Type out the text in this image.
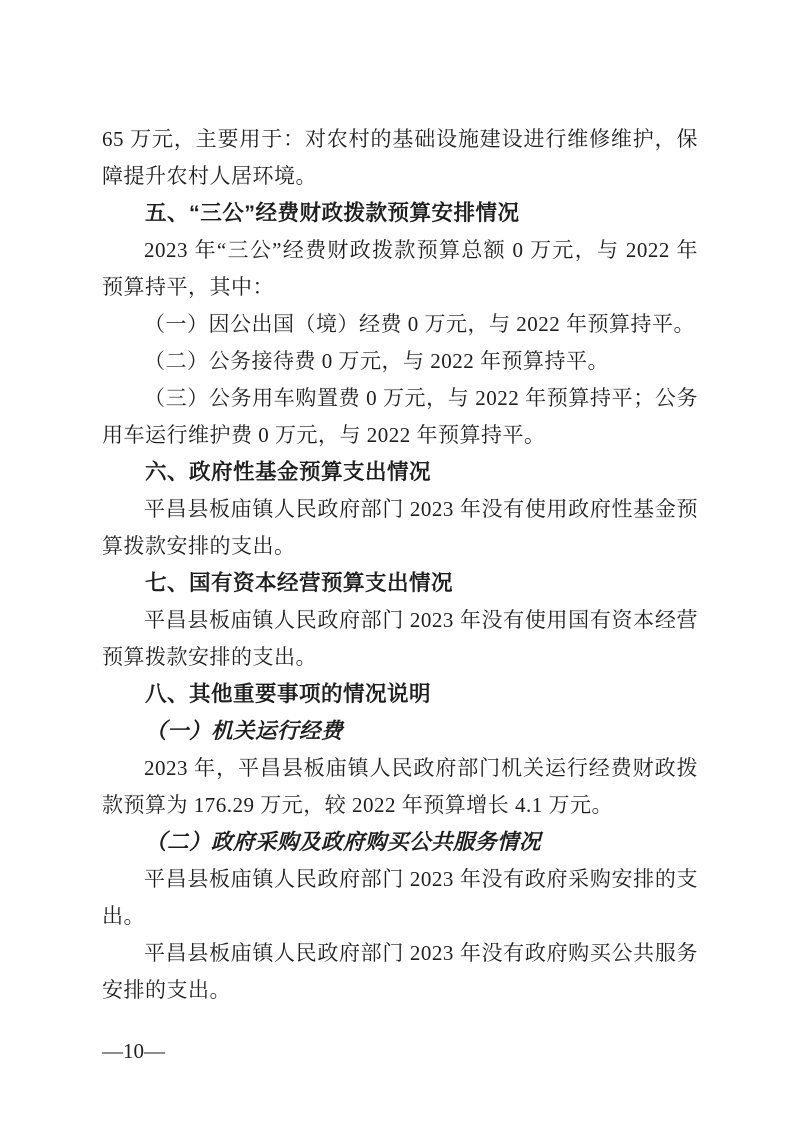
65 万元，主要用于：对农村的基础设施建设进行维修维护，保障提升农村人居环境。

五、“三公”经费财政拨款预算安排情况

2023 年“三公”经费财政拨款预算总额 0 万元，与 2022 年预算持平，其中：

（一）因公出国（境）经费 0 万元，与 2022 年预算持平。

（二）公务接待费 0 万元，与 2022 年预算持平。

（三）公务用车购置费 0 万元，与 2022 年预算持平；公务用车运行维护费 0 万元，与 2022 年预算持平。

六、政府性基金预算支出情况

平昌县板庙镇人民政府部门 2023 年没有使用政府性基金预算拨款安排的支出。

七、国有资本经营预算支出情况

平昌县板庙镇人民政府部门 2023 年没有使用国有资本经营预算拨款安排的支出。

八、其他重要事项的情况说明

（一）机关运行经费

2023 年，平昌县板庙镇人民政府部门机关运行经费财政拨款预算为 176.29 万元，较 2022 年预算增长 4.1 万元。

（二）政府采购及政府购买公共服务情况

平昌县板庙镇人民政府部门 2023 年没有政府采购安排的支出。

平昌县板庙镇人民政府部门 2023 年没有政府购买公共服务安排的支出。

—10—
